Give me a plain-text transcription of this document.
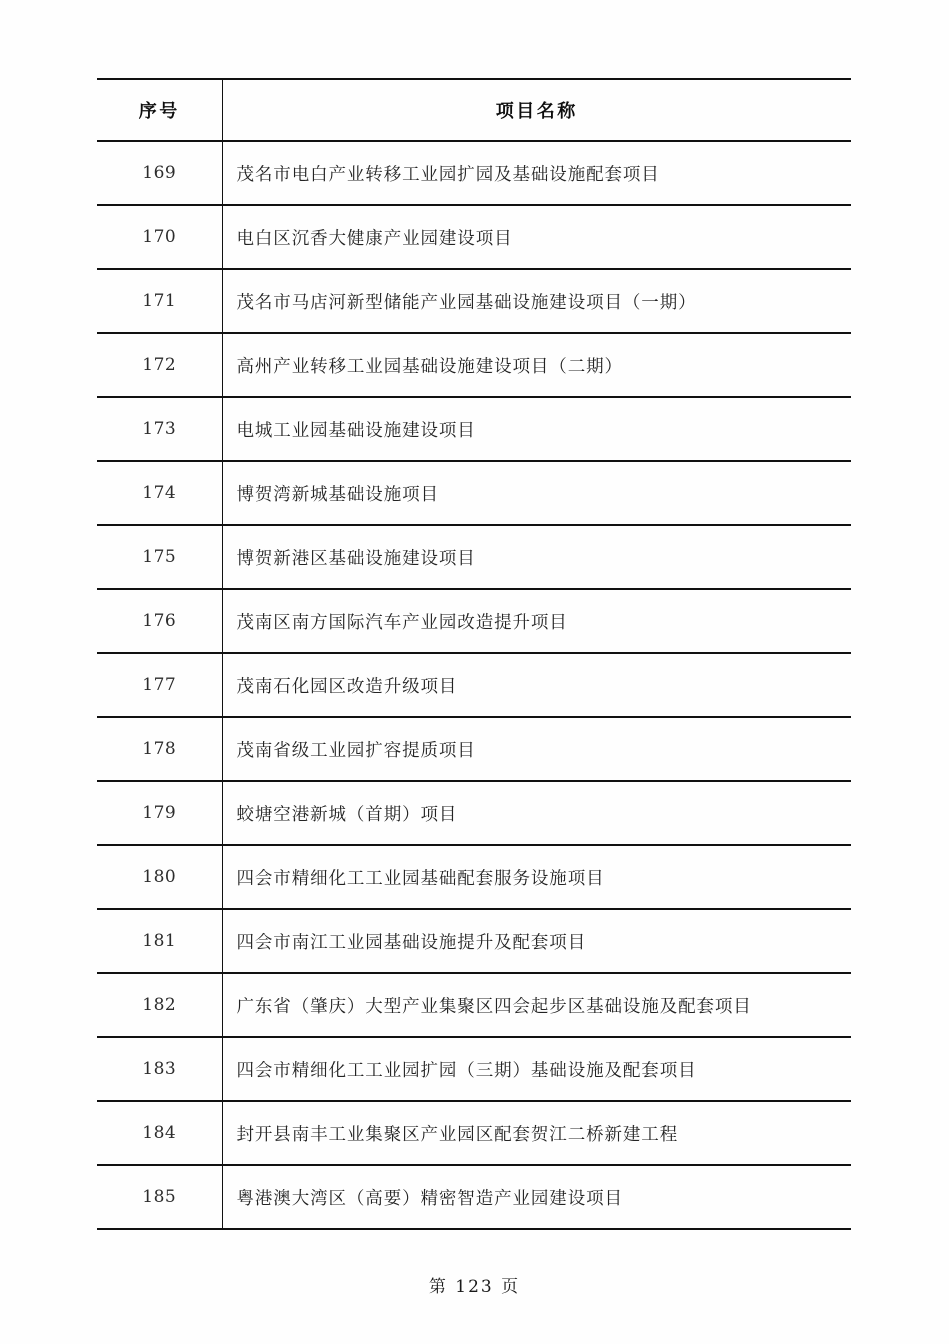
序号	项目名称

169	茂名市电白产业转移工业园扩园及基础设施配套项目

170	电白区沉香大健康产业园建设项目

171	茂名市马店河新型储能产业园基础设施建设项目（一期）

172	高州产业转移工业园基础设施建设项目（二期）

173	电城工业园基础设施建设项目

174	博贺湾新城基础设施项目

175	博贺新港区基础设施建设项目

176	茂南区南方国际汽车产业园改造提升项目

177	茂南石化园区改造升级项目

178	茂南省级工业园扩容提质项目

179	蛟塘空港新城（首期）项目

180	四会市精细化工工业园基础配套服务设施项目

181	四会市南江工业园基础设施提升及配套项目

182	广东省（肇庆）大型产业集聚区四会起步区基础设施及配套项目

183	四会市精细化工工业园扩园（三期）基础设施及配套项目

184	封开县南丰工业集聚区产业园区配套贺江二桥新建工程

185	粤港澳大湾区（高要）精密智造产业园建设项目
第 123 页
